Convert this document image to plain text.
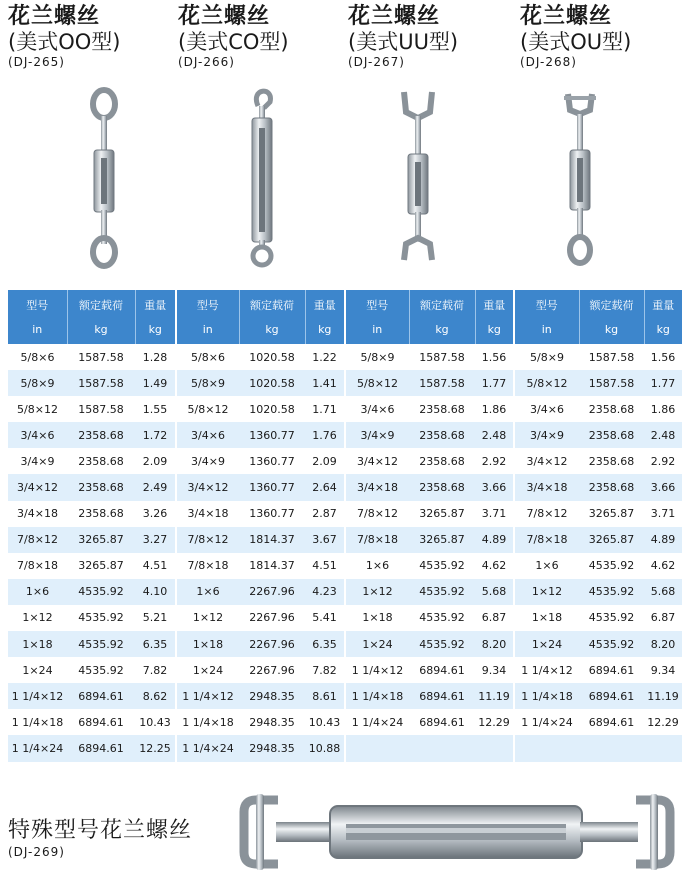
花兰螺丝
(美式OO型)
(DJ-265)
花兰螺丝
(美式CO型)
(DJ-266)
花兰螺丝
(美式UU型)
(DJ-267)
花兰螺丝
(美式OU型)
(DJ-268)
型号	额定载荷	重量
in	kg	kg
5/8×6	1587.58	1.28
5/8×9	1587.58	1.49
5/8×12	1587.58	1.55
3/4×6	2358.68	1.72
3/4×9	2358.68	2.09
3/4×12	2358.68	2.49
3/4×18	2358.68	3.26
7/8×12	3265.87	3.27
7/8×18	3265.87	4.51
1×6	4535.92	4.10
1×12	4535.92	5.21
1×18	4535.92	6.35
1×24	4535.92	7.82
1 1/4×12	6894.61	8.62
1 1/4×18	6894.61	10.43
1 1/4×24	6894.61	12.25
型号	额定载荷	重量
in	kg	kg
5/8×6	1020.58	1.22
5/8×9	1020.58	1.41
5/8×12	1020.58	1.71
3/4×6	1360.77	1.76
3/4×9	1360.77	2.09
3/4×12	1360.77	2.64
3/4×18	1360.77	2.87
7/8×12	1814.37	3.67
7/8×18	1814.37	4.51
1×6	2267.96	4.23
1×12	2267.96	5.41
1×18	2267.96	6.35
1×24	2267.96	7.82
1 1/4×12	2948.35	8.61
1 1/4×18	2948.35	10.43
1 1/4×24	2948.35	10.88
型号	额定载荷	重量
in	kg	kg
5/8×9	1587.58	1.56
5/8×12	1587.58	1.77
3/4×6	2358.68	1.86
3/4×9	2358.68	2.48
3/4×12	2358.68	2.92
3/4×18	2358.68	3.66
7/8×12	3265.87	3.71
7/8×18	3265.87	4.89
1×6	4535.92	4.62
1×12	4535.92	5.68
1×18	4535.92	6.87
1×24	4535.92	8.20
1 1/4×12	6894.61	9.34
1 1/4×18	6894.61	11.19
1 1/4×24	6894.61	12.29

型号	额定载荷	重量
in	kg	kg
5/8×9	1587.58	1.56
5/8×12	1587.58	1.77
3/4×6	2358.68	1.86
3/4×9	2358.68	2.48
3/4×12	2358.68	2.92
3/4×18	2358.68	3.66
7/8×12	3265.87	3.71
7/8×18	3265.87	4.89
1×6	4535.92	4.62
1×12	4535.92	5.68
1×18	4535.92	6.87
1×24	4535.92	8.20
1 1/4×12	6894.61	9.34
1 1/4×18	6894.61	11.19
1 1/4×24	6894.61	12.29

特殊型号花兰螺丝
(DJ-269)
